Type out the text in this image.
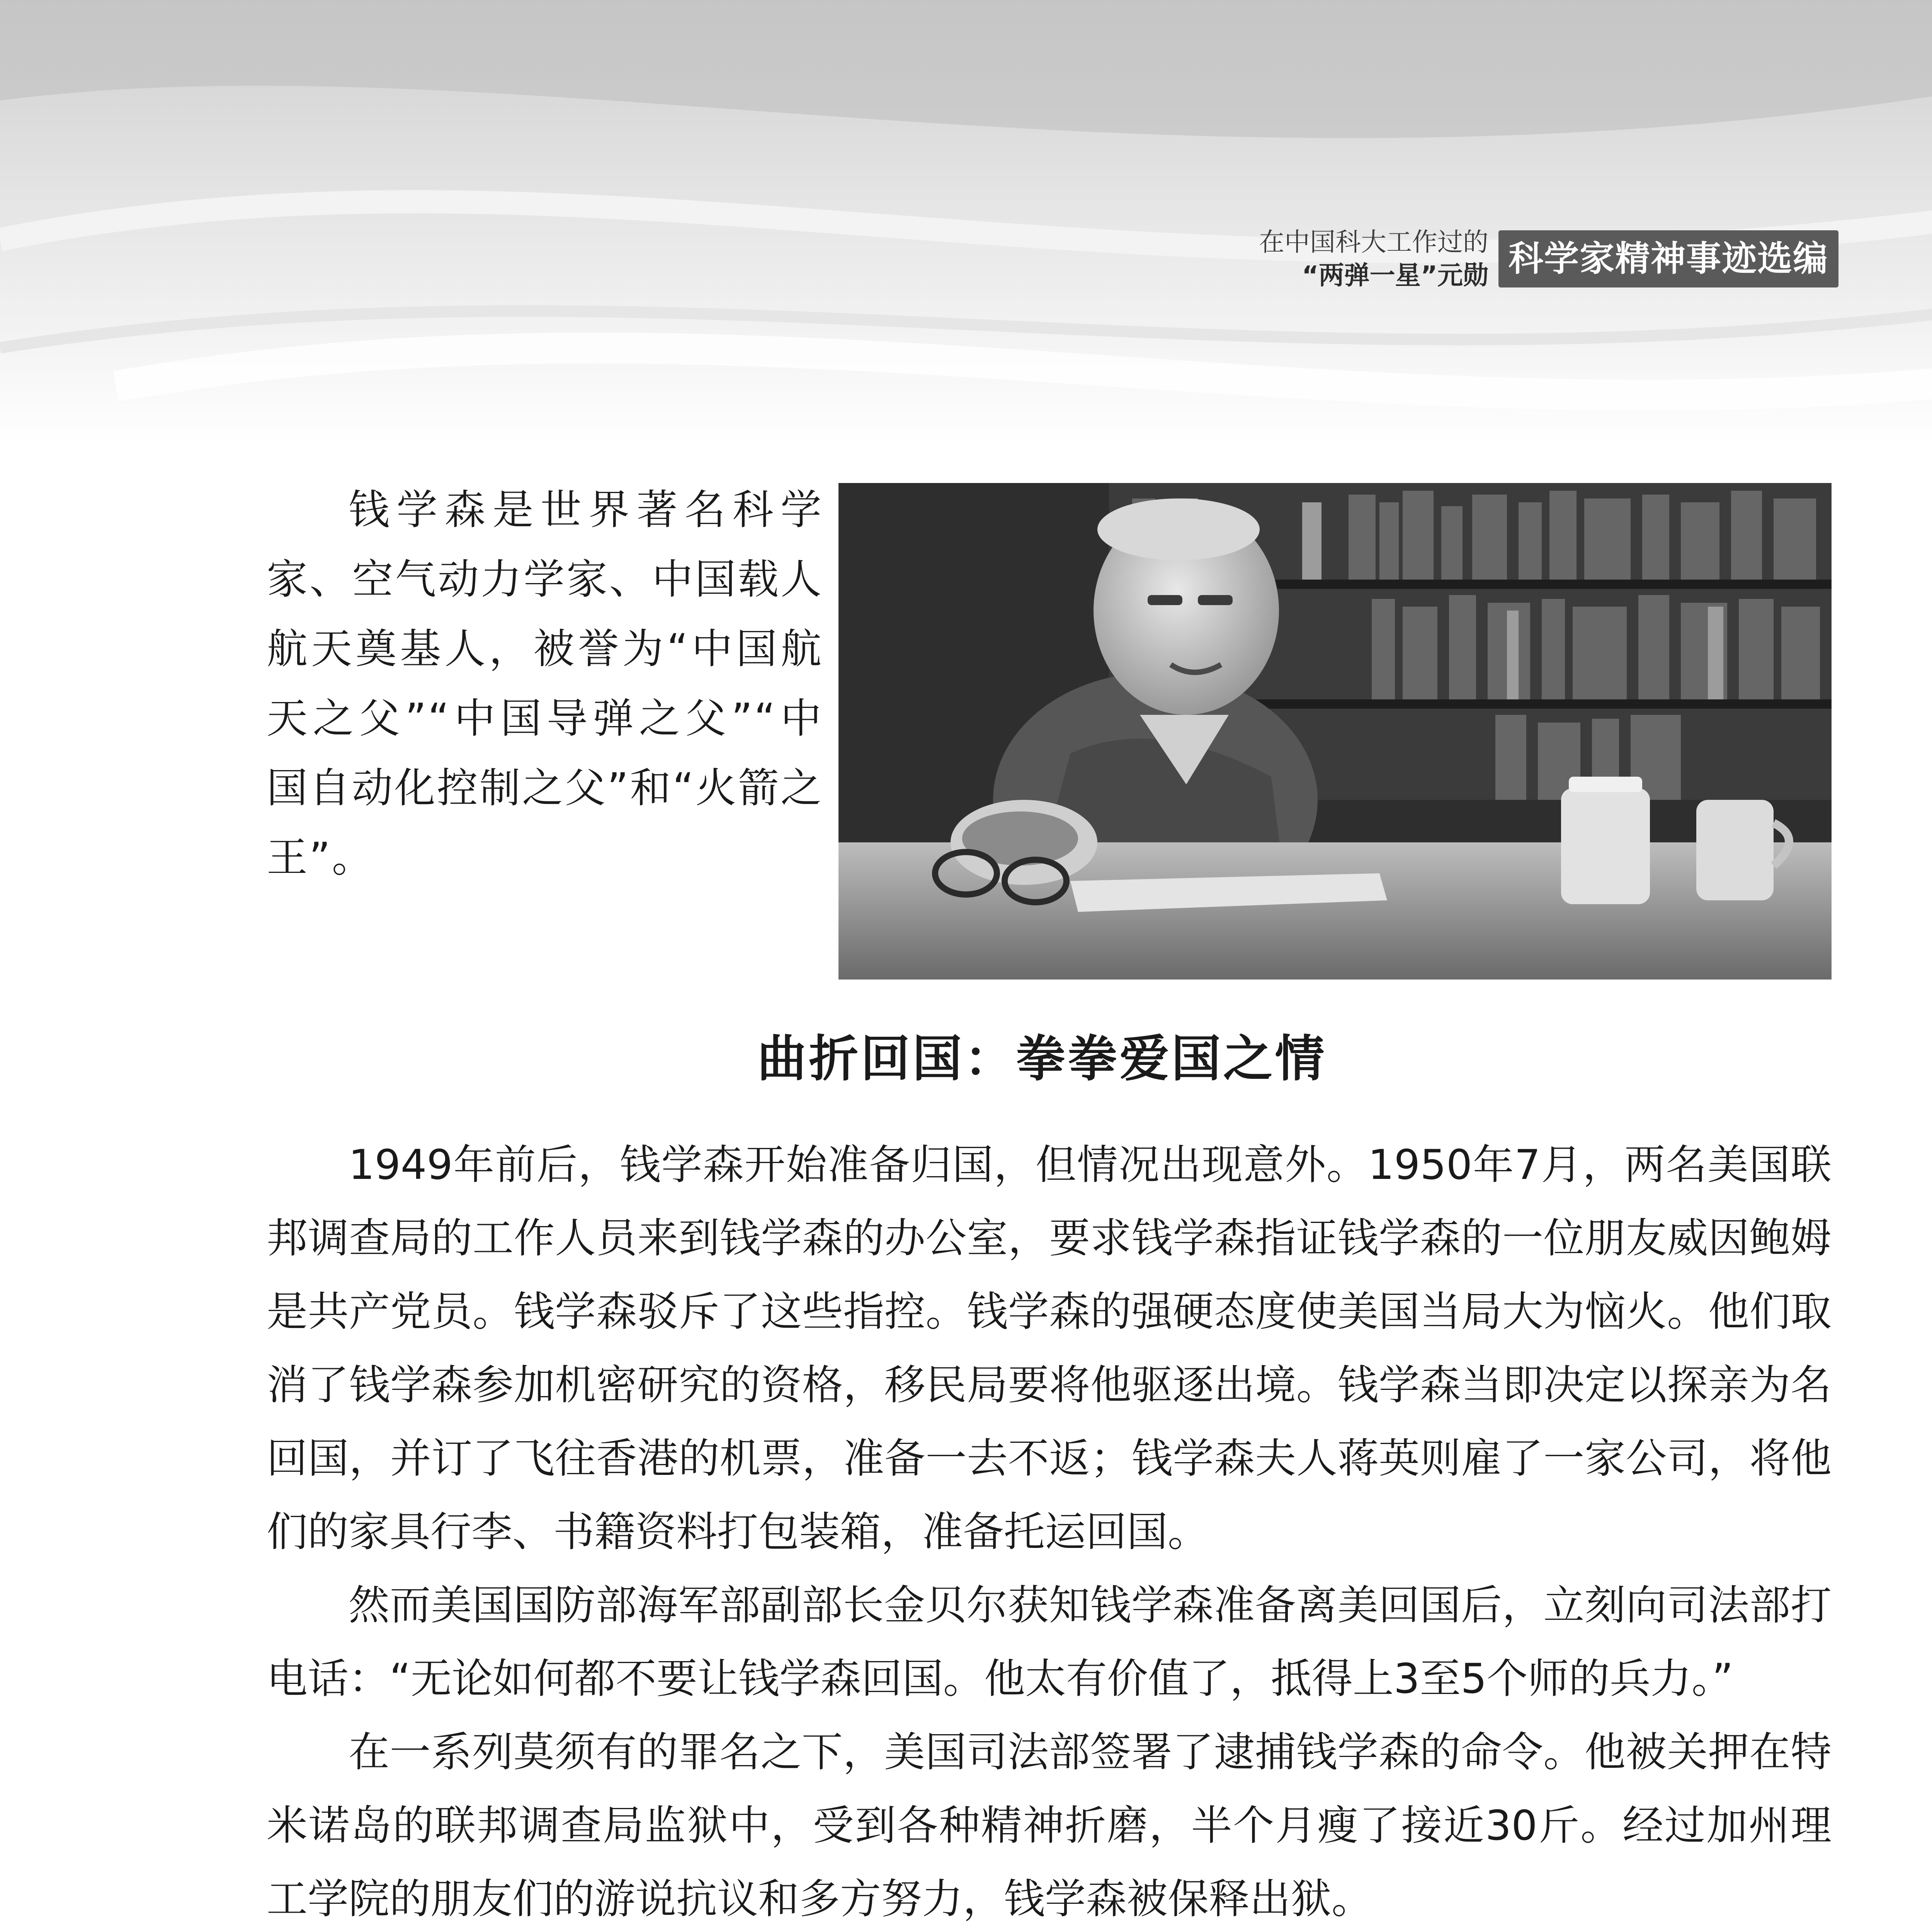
在中国科大工作过的
“两弹一星”元勋 科学家精神事迹选编
钱学森是世界著名科学家、空气动力学家、中国载人航天奠基人，被誉为“中国航天之父”“中国导弹之父”“中国自动化控制之父”和“火箭之王”。
曲折回国：拳拳爱国之情

1949年前后，钱学森开始准备归国，但情况出现意外。1950年7月，两名美国联邦调查局的工作人员来到钱学森的办公室，要求钱学森指证钱学森的一位朋友威因鲍姆是共产党员。钱学森驳斥了这些指控。钱学森的强硬态度使美国当局大为恼火。他们取消了钱学森参加机密研究的资格，移民局要将他驱逐出境。钱学森当即决定以探亲为名回国，并订了飞往香港的机票，准备一去不返；钱学森夫人蒋英则雇了一家公司，将他们的家具行李、书籍资料打包装箱，准备托运回国。

然而美国国防部海军部副部长金贝尔获知钱学森准备离美回国后，立刻向司法部打电话：“无论如何都不要让钱学森回国。他太有价值了，抵得上3至5个师的兵力。”

在一系列莫须有的罪名之下，美国司法部签署了逮捕钱学森的命令。他被关押在特米诺岛的联邦调查局监狱中，受到各种精神折磨，半个月瘦了接近30斤。经过加州理工学院的朋友们的游说抗议和多方努力，钱学森被保释出狱。
